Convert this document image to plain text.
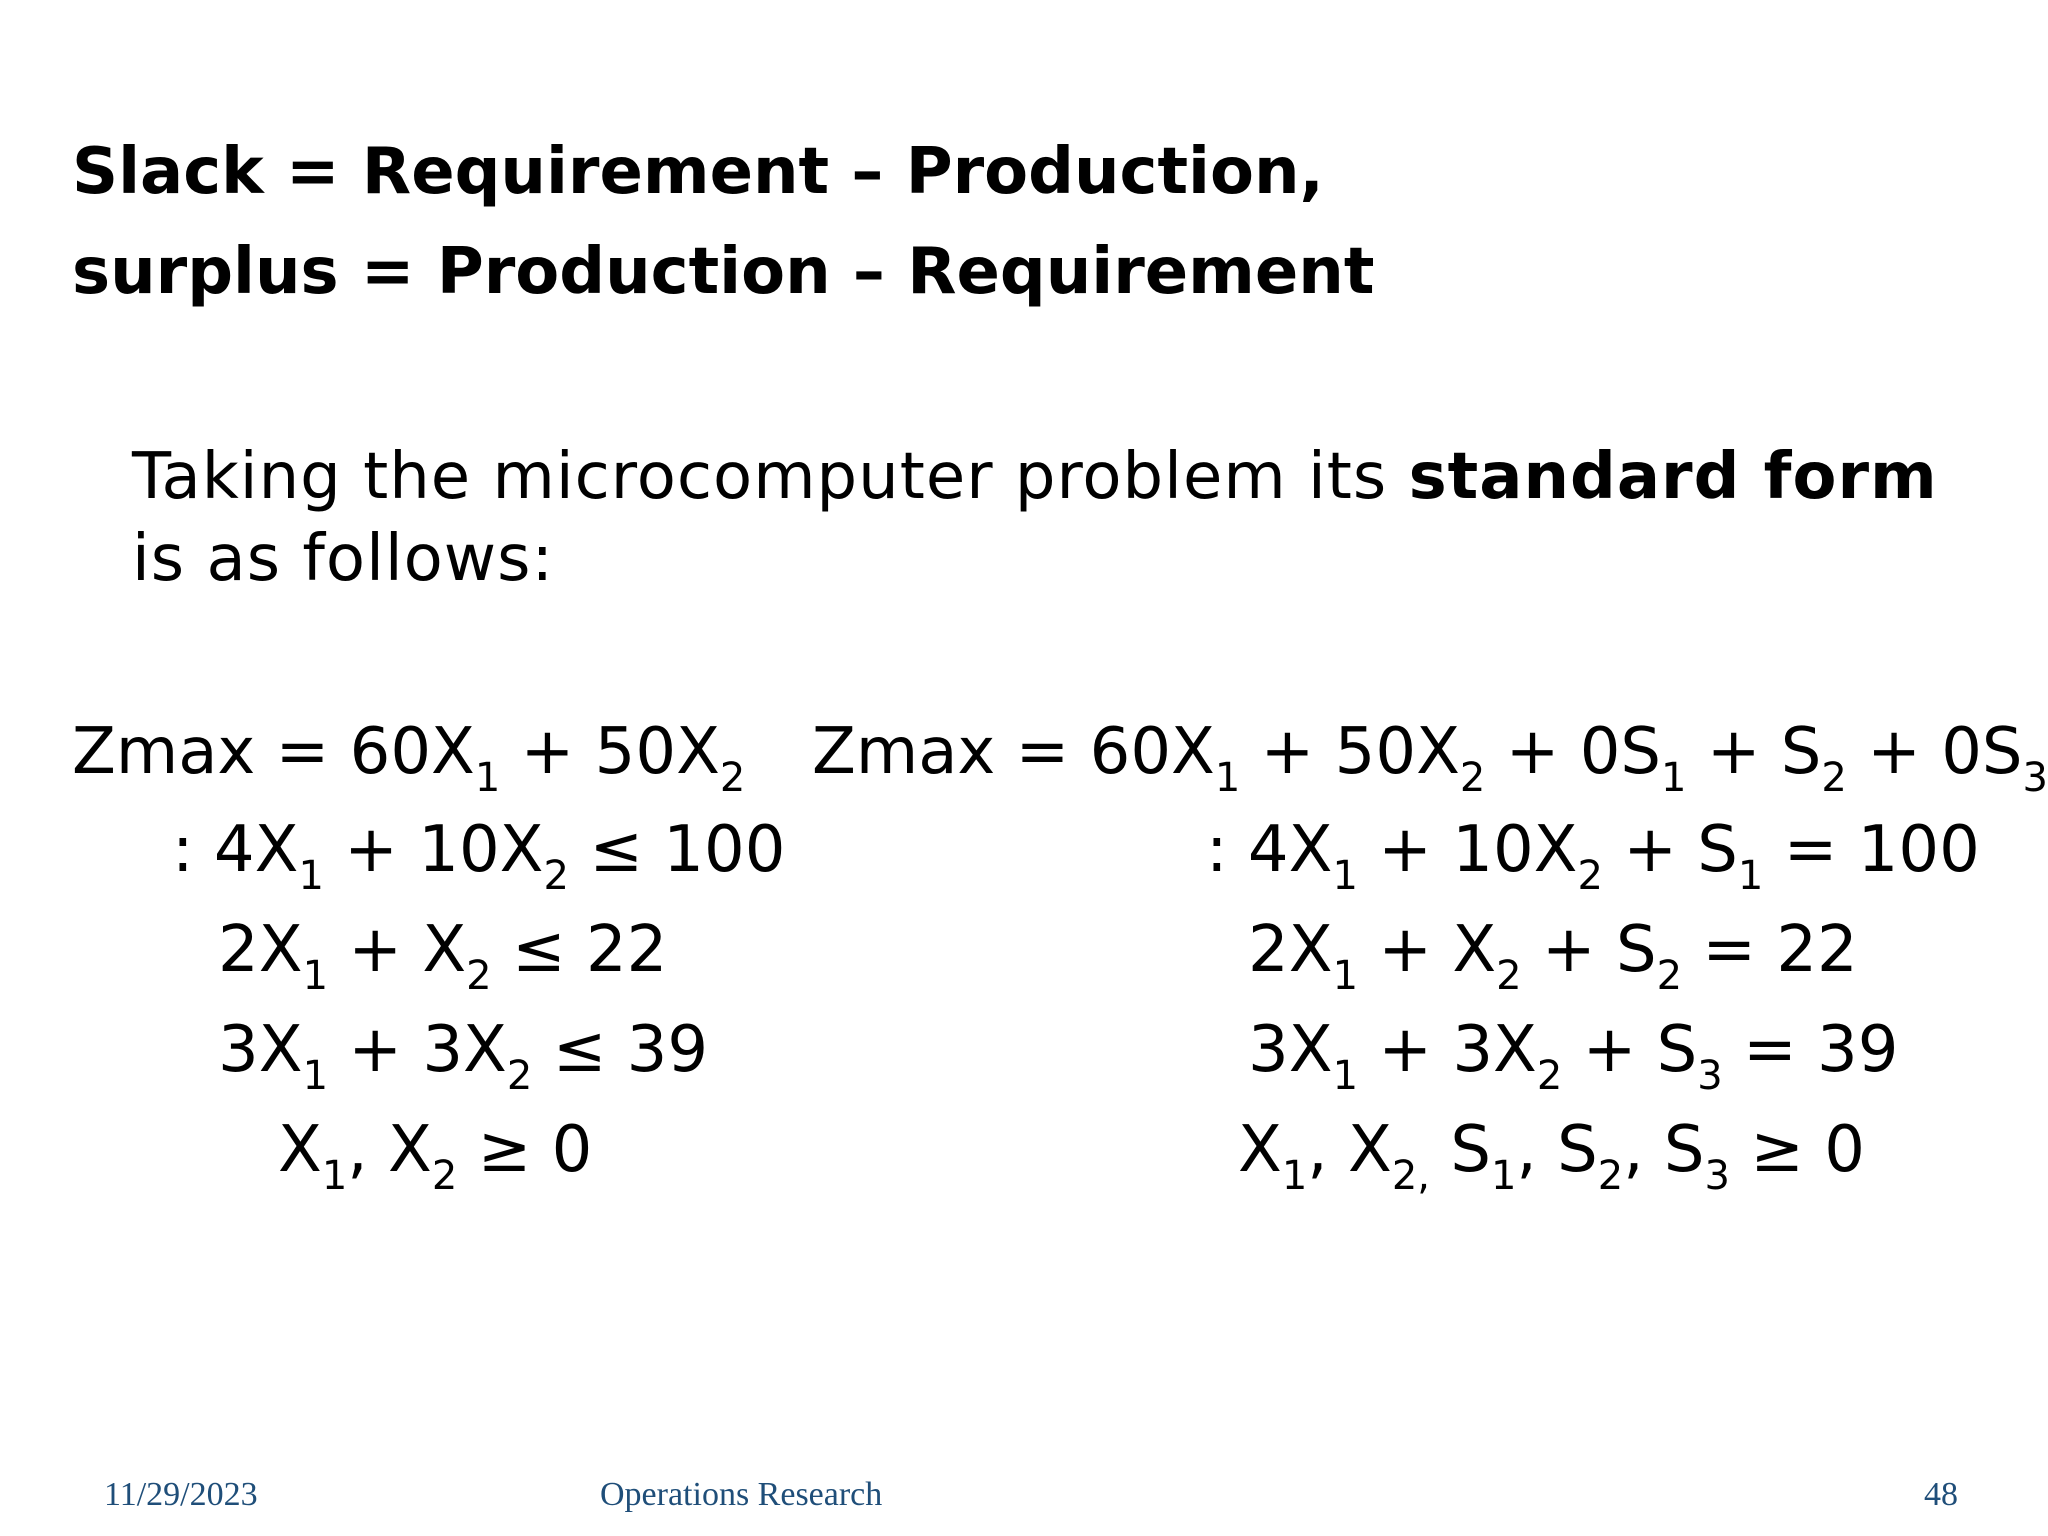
Slack = Requirement – Production,
surplus = Production – Requirement
Taking the microcomputer problem its standard form is as follows:
$Zmax = 60X_1 + 50X_2$
: $4X_1 + 10X_2 \le 100$
$2X_1 + X_2 \le 22$
$3X_1 + 3X_2 \le 39$
$X_1$, $X_2 \ge 0$
$Zmax = 60X_1 + 50X_2 + 0S_1 + S_2 + 0S_3$
: $4X_1 + 10X_2 + S_1 = 100$
$2X_1 + X_2 + S_2 = 22$
$3X_1 + 3X_2 + S_3 = 39$
$X_1$, $X_{2,}$ $S_1$, $S_2$, $S_3 \ge 0$
11/29/2023	Operations Research	48
